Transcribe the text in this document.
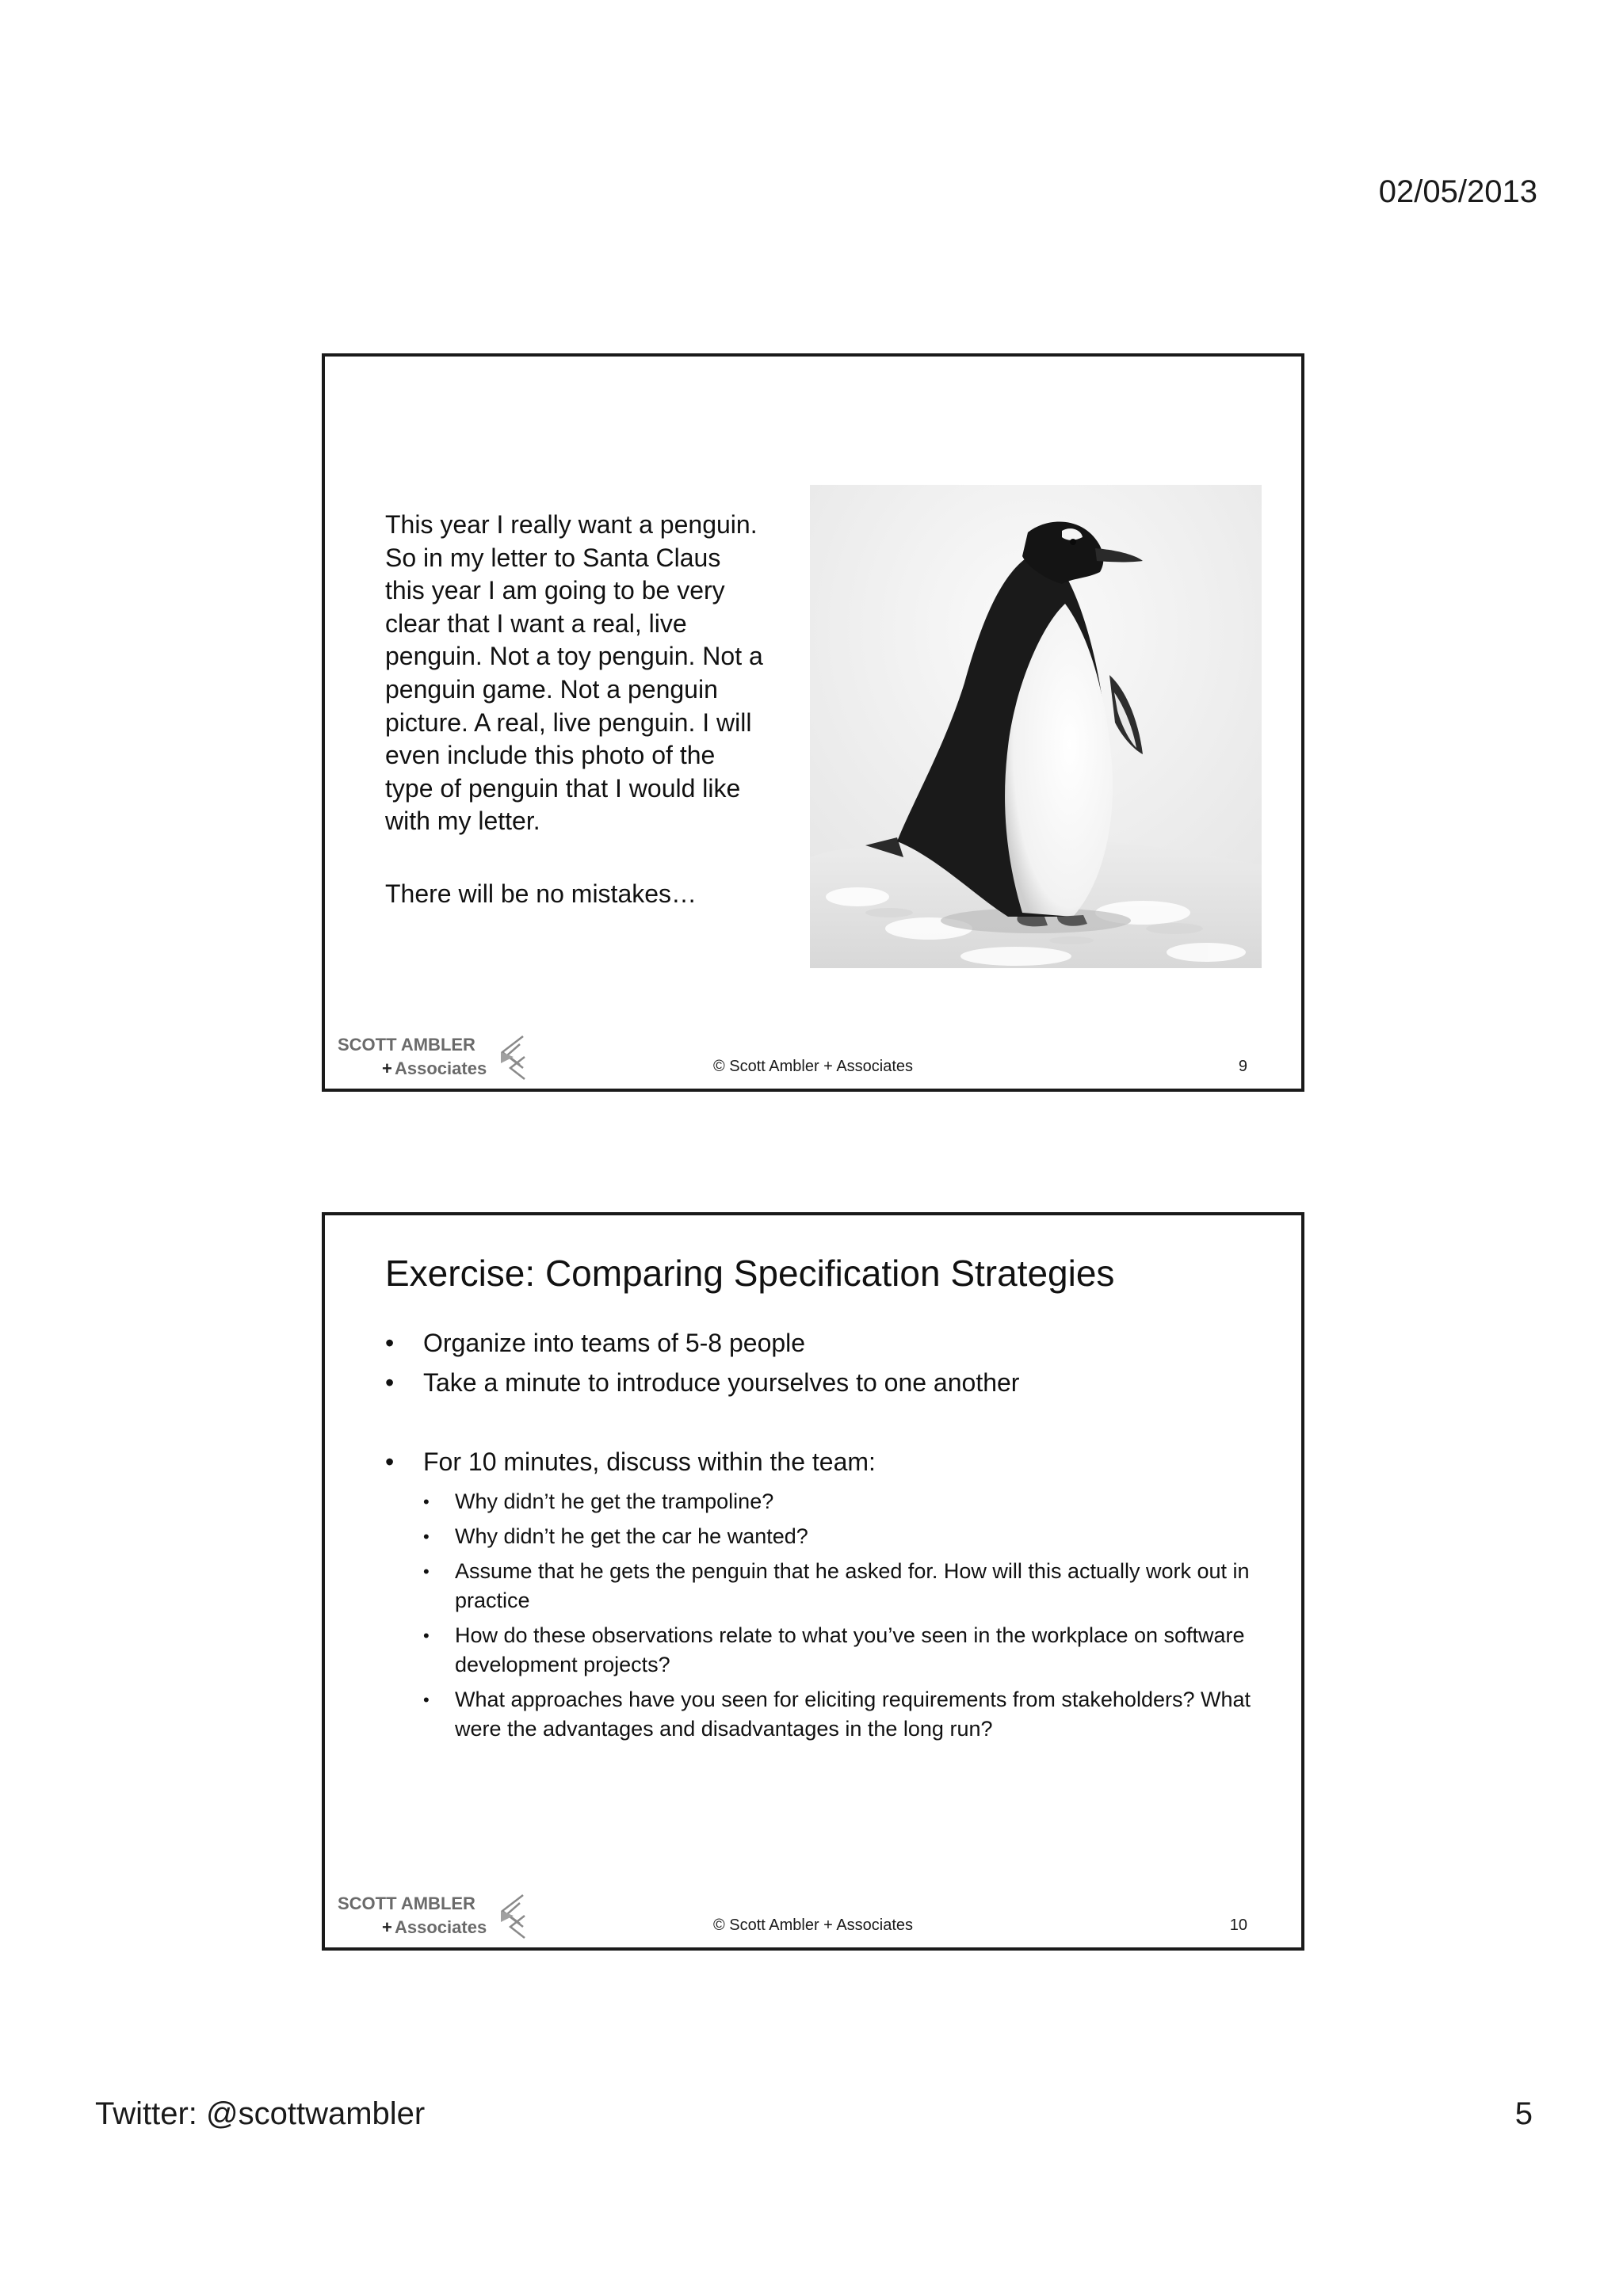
02/05/2013

This year I really want a penguin. So in my letter to Santa Claus this year I am going to be very clear that I want a real, live penguin. Not a toy penguin. Not a penguin game. Not a penguin picture. A real, live penguin. I will even include this photo of the type of penguin that I would like with my letter.

There will be no mistakes…

SCOTT AMBLER
+ Associates	© Scott Ambler + Associates	9
Exercise: Comparing Specification Strategies
• Organize into teams of 5-8 people
• Take a minute to introduce yourselves to one another
• For 10 minutes, discuss within the team:
• Why didn’t he get the trampoline?
• Why didn’t he get the car he wanted?
• Assume that he gets the penguin that he asked for. How will this actually work out in practice
• How do these observations relate to what you’ve seen in the workplace on software development projects?
• What approaches have you seen for eliciting requirements from stakeholders? What were the advantages and disadvantages in the long run?
SCOTT AMBLER
+ Associates	© Scott Ambler + Associates	10
Twitter: @scottwambler	5
